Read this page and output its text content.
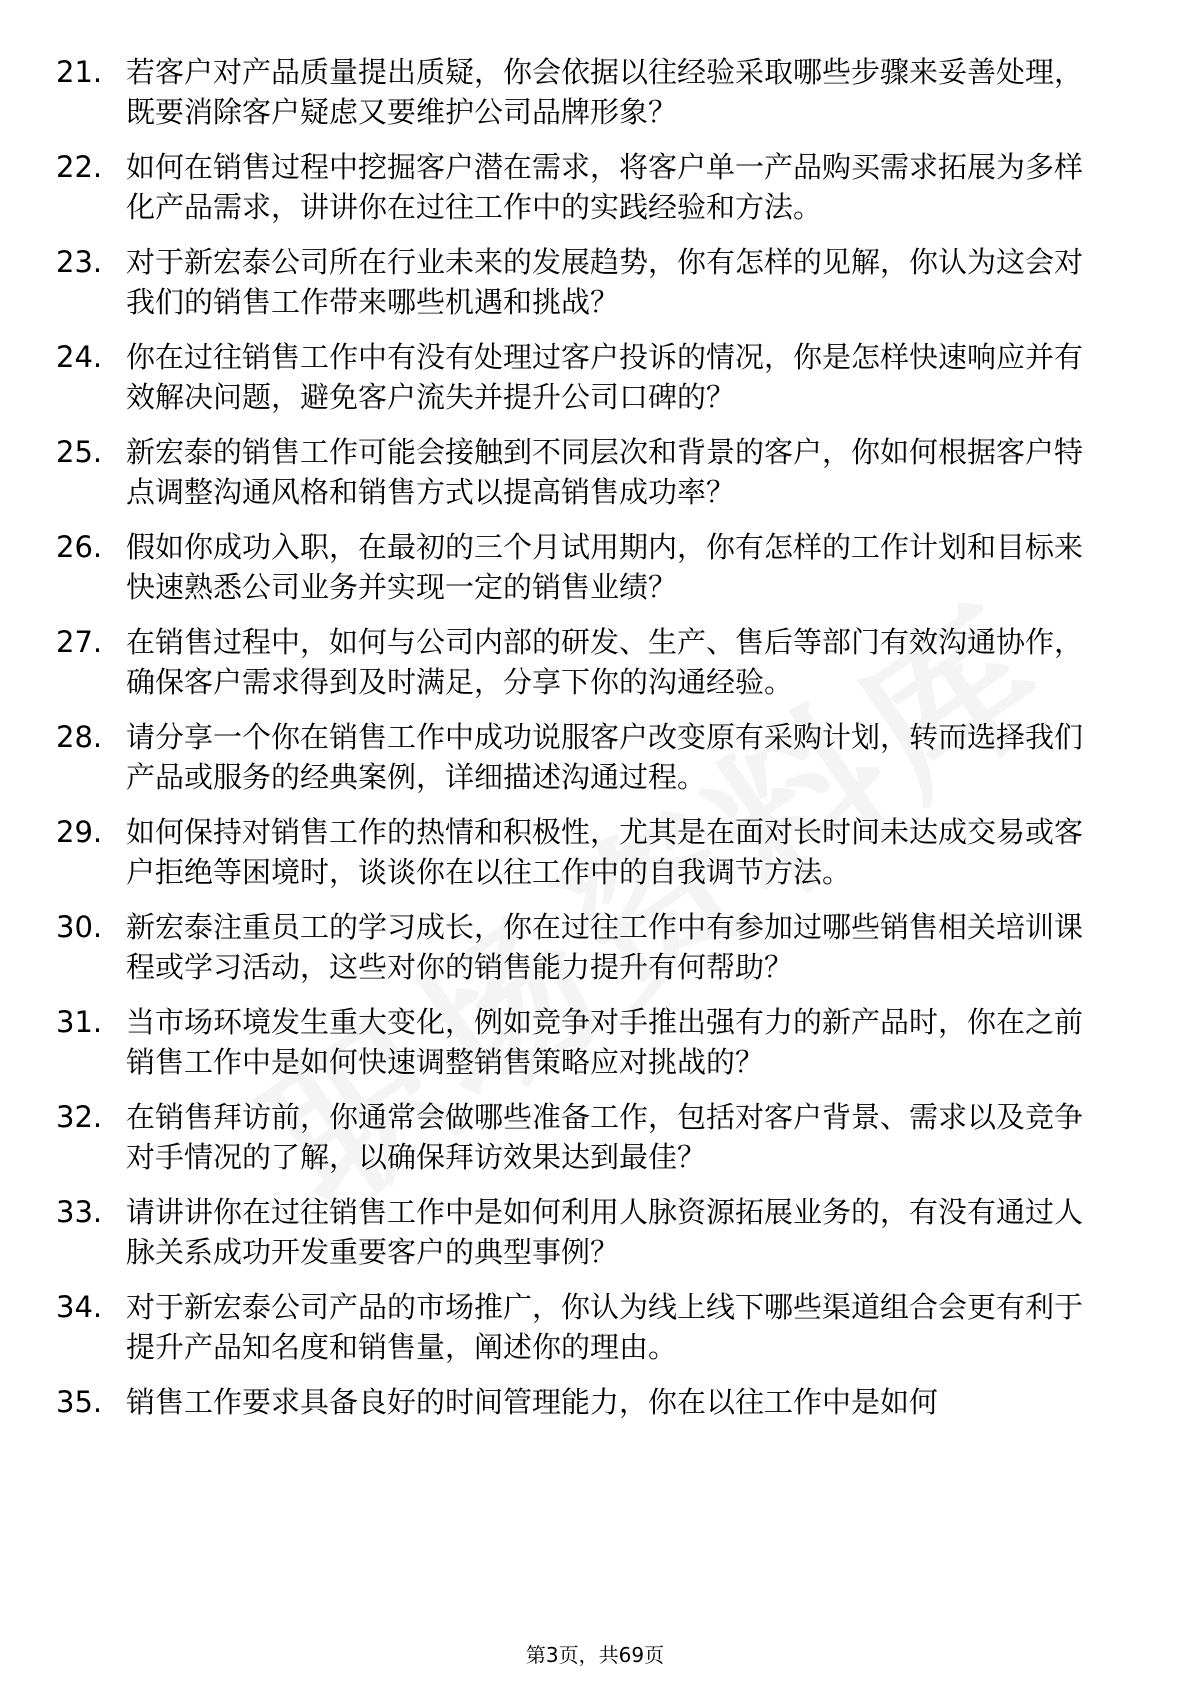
21. 若客户对产品质量提出质疑，你会依据以往经验采取哪些步骤来妥善处理，既要消除客户疑虑又要维护公司品牌形象？
22. 如何在销售过程中挖掘客户潜在需求，将客户单一产品购买需求拓展为多样化产品需求，讲讲你在过往工作中的实践经验和方法。
23. 对于新宏泰公司所在行业未来的发展趋势，你有怎样的见解，你认为这会对我们的销售工作带来哪些机遇和挑战？
24. 你在过往销售工作中有没有处理过客户投诉的情况，你是怎样快速响应并有效解决问题，避免客户流失并提升公司口碑的？
25. 新宏泰的销售工作可能会接触到不同层次和背景的客户，你如何根据客户特点调整沟通风格和销售方式以提高销售成功率？
26. 假如你成功入职，在最初的三个月试用期内，你有怎样的工作计划和目标来快速熟悉公司业务并实现一定的销售业绩？
27. 在销售过程中，如何与公司内部的研发、生产、售后等部门有效沟通协作，确保客户需求得到及时满足，分享下你的沟通经验。
28. 请分享一个你在销售工作中成功说服客户改变原有采购计划，转而选择我们产品或服务的经典案例，详细描述沟通过程。
29. 如何保持对销售工作的热情和积极性，尤其是在面对长时间未达成交易或客户拒绝等困境时，谈谈你在以往工作中的自我调节方法。
30. 新宏泰注重员工的学习成长，你在过往工作中有参加过哪些销售相关培训课程或学习活动，这些对你的销售能力提升有何帮助？
31. 当市场环境发生重大变化，例如竞争对手推出强有力的新产品时，你在之前销售工作中是如何快速调整销售策略应对挑战的？
32. 在销售拜访前，你通常会做哪些准备工作，包括对客户背景、需求以及竞争对手情况的了解，以确保拜访效果达到最佳？
33. 请讲讲你在过往销售工作中是如何利用人脉资源拓展业务的，有没有通过人脉关系成功开发重要客户的典型事例？
34. 对于新宏泰公司产品的市场推广，你认为线上线下哪些渠道组合会更有利于提升产品知名度和销售量，阐述你的理由。
35. 销售工作要求具备良好的时间管理能力，你在以往工作中是如何
第3页，共69页
